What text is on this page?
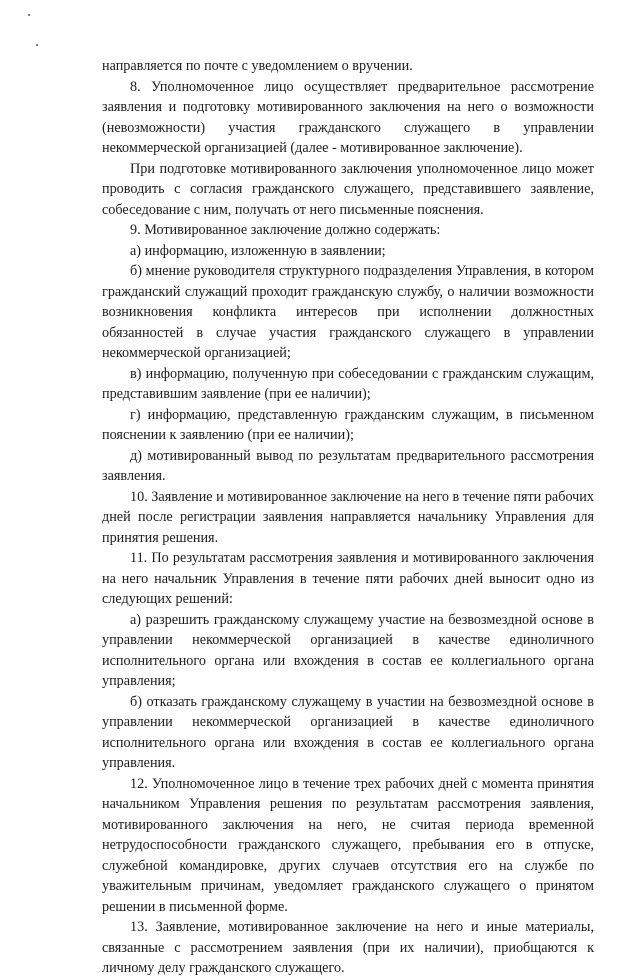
направляется по почте с уведомлением о вручении.

8. Уполномоченное лицо осуществляет предварительное рассмотрение заявления и подготовку мотивированного заключения на него о возможности (невозможности) участия гражданского служащего в управлении некоммерческой организацией (далее - мотивированное заключение).

При подготовке мотивированного заключения уполномоченное лицо может проводить с согласия гражданского служащего, представившего заявление, собеседование с ним, получать от него письменные пояснения.

9. Мотивированное заключение должно содержать:

а) информацию, изложенную в заявлении;

б) мнение руководителя структурного подразделения Управления, в котором гражданский служащий проходит гражданскую службу, о наличии возможности возникновения конфликта интересов при исполнении должностных обязанностей в случае участия гражданского служащего в управлении некоммерческой организацией;

в) информацию, полученную при собеседовании с гражданским служащим, представившим заявление (при ее наличии);

г) информацию, представленную гражданским служащим, в письменном пояснении к заявлению (при ее наличии);

д) мотивированный вывод по результатам предварительного рассмотрения заявления.

10. Заявление и мотивированное заключение на него в течение пяти рабочих дней после регистрации заявления направляется начальнику Управления для принятия решения.

11. По результатам рассмотрения заявления и мотивированного заключения на него начальник Управления в течение пяти рабочих дней выносит одно из следующих решений:

а) разрешить гражданскому служащему участие на безвозмездной основе в управлении некоммерческой организацией в качестве единоличного исполнительного органа или вхождения в состав ее коллегиального органа управления;

б) отказать гражданскому служащему в участии на безвозмездной основе в управлении некоммерческой организацией в качестве единоличного исполнительного органа или вхождения в состав ее коллегиального органа управления.

12. Уполномоченное лицо в течение трех рабочих дней с момента принятия начальником Управления решения по результатам рассмотрения заявления, мотивированного заключения на него, не считая периода временной нетрудоспособности гражданского служащего, пребывания его в отпуске, служебной командировке, других случаев отсутствия его на службе по уважительным причинам, уведомляет гражданского служащего о принятом решении в письменной форме.

13. Заявление, мотивированное заключение на него и иные материалы, связанные с рассмотрением заявления (при их наличии), приобщаются к личному делу гражданского служащего.
